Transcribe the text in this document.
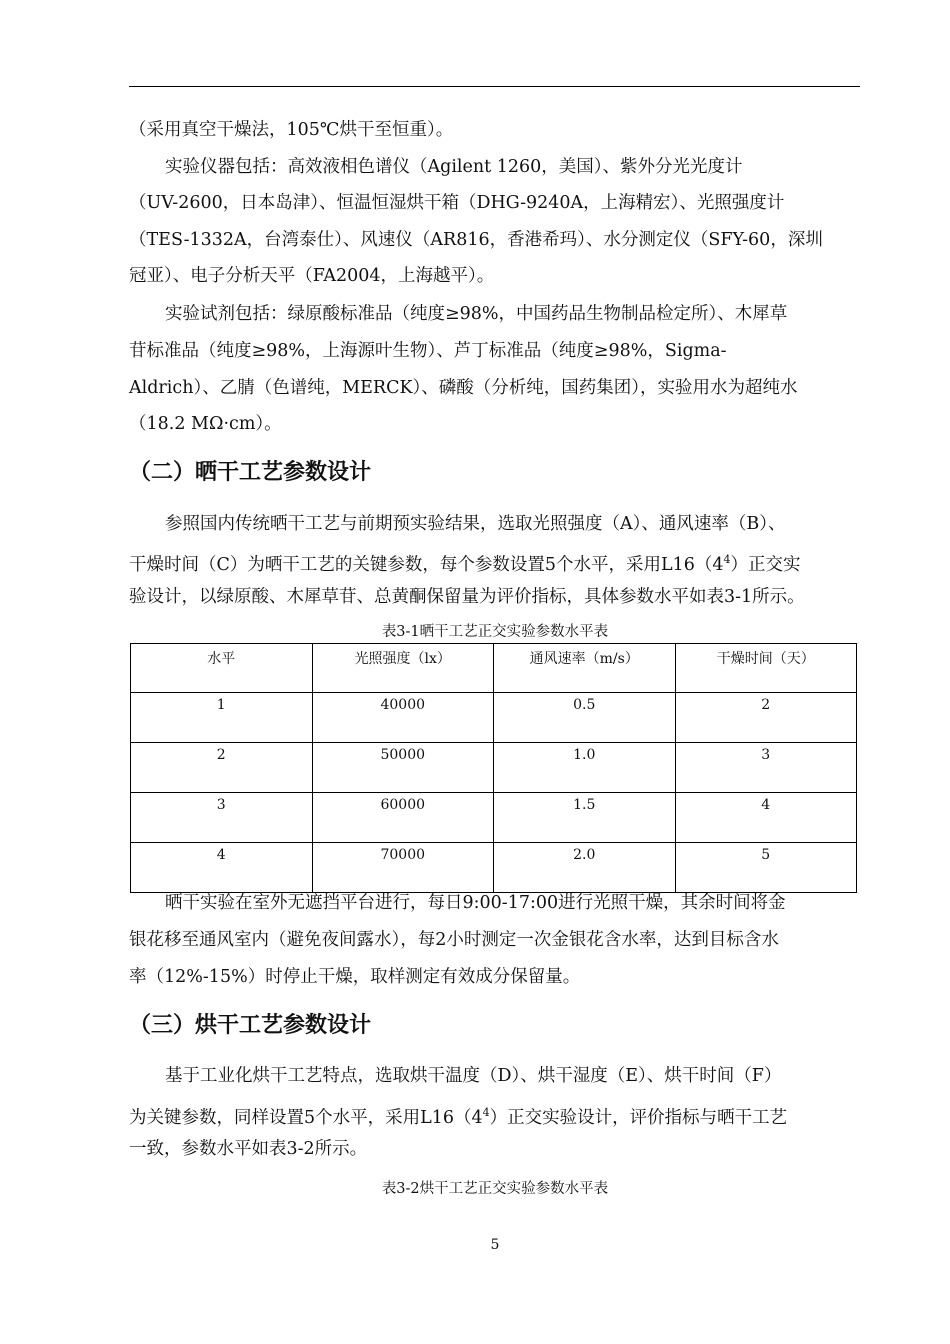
（采用真空干燥法，105℃烘干至恒重）。
实验仪器包括：高效液相色谱仪（Agilent 1260，美国）、紫外分光光度计
（UV-2600，日本岛津）、恒温恒湿烘干箱（DHG-9240A，上海精宏）、光照强度计
（TES-1332A，台湾泰仕）、风速仪（AR816，香港希玛）、水分测定仪（SFY-60，深圳
冠亚）、电子分析天平（FA2004，上海越平）。
实验试剂包括：绿原酸标准品（纯度≥98%，中国药品生物制品检定所）、木犀草
苷标准品（纯度≥98%，上海源叶生物）、芦丁标准品（纯度≥98%，Sigma-
Aldrich）、乙腈（色谱纯，MERCK）、磷酸（分析纯，国药集团），实验用水为超纯水
（18.2 MΩ·cm）。
（二）晒干工艺参数设计
参照国内传统晒干工艺与前期预实验结果，选取光照强度（A）、通风速率（B）、
干燥时间（C）为晒干工艺的关键参数，每个参数设置5个水平，采用$L16(4^4)$正交实
验设计，以绿原酸、木犀草苷、总黄酮保留量为评价指标，具体参数水平如表3-1所示。
表3-1晒干工艺正交实验参数水平表
水平	光照强度（lx）	通风速率（m/s）	干燥时间（天）
1	40000	0.5	2
2	50000	1.0	3
3	60000	1.5	4
4	70000	2.0	5
晒干实验在室外无遮挡平台进行，每日9:00-17:00进行光照干燥，其余时间将金
银花移至通风室内（避免夜间露水），每2小时测定一次金银花含水率，达到目标含水
率（12%-15%）时停止干燥，取样测定有效成分保留量。
（三）烘干工艺参数设计
基于工业化烘干工艺特点，选取烘干温度（D）、烘干湿度（E）、烘干时间（F）
为关键参数，同样设置5个水平，采用$L16(4^4)$正交实验设计，评价指标与晒干工艺
一致，参数水平如表3-2所示。
表3-2烘干工艺正交实验参数水平表
5
